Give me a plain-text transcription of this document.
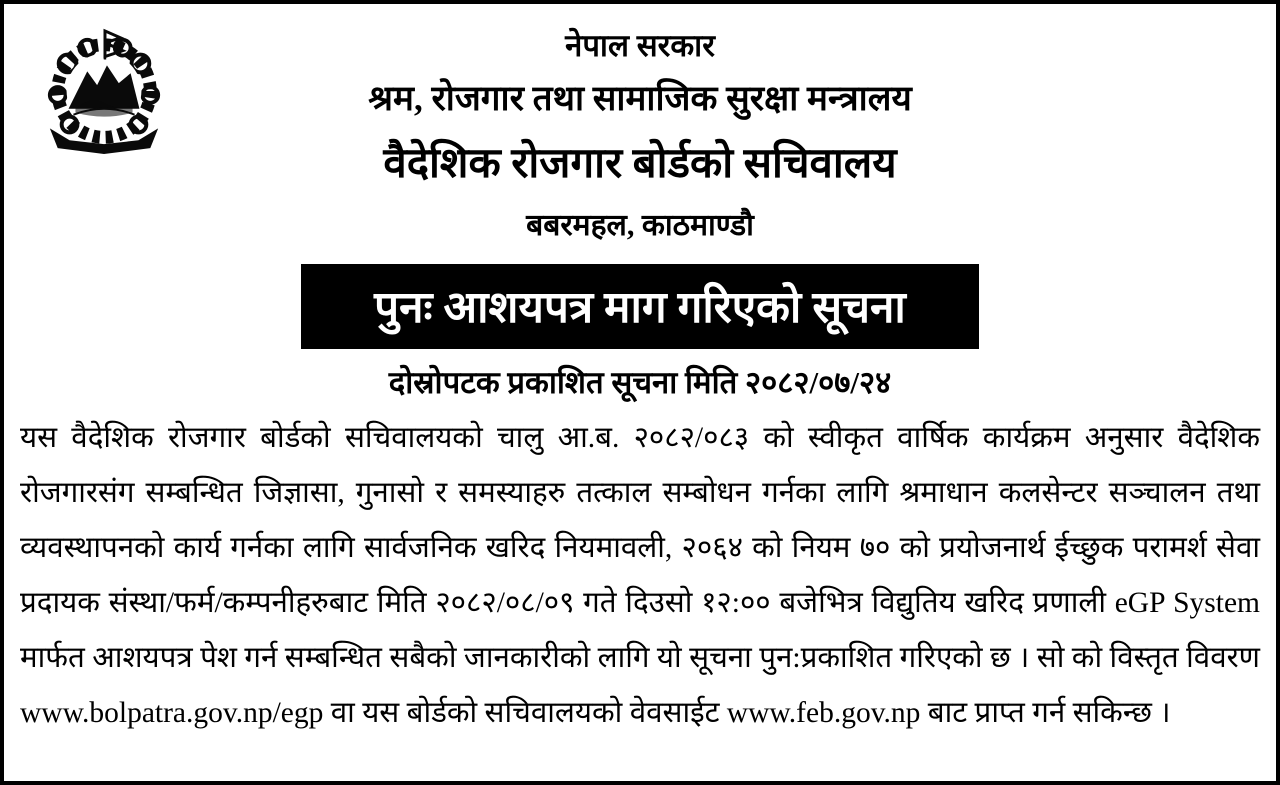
नेपाल सरकार
श्रम, रोजगार तथा सामाजिक सुरक्षा मन्त्रालय
वैदेशिक रोजगार बोर्डको सचिवालय
बबरमहल, काठमाण्डौ
पुनः आशयपत्र माग गरिएको सूचना
दोस्रोपटक प्रकाशित सूचना मिति २०८२/०७/२४

यस वैदेशिक रोजगार बोर्डको सचिवालयको चालु आ.ब. २०८२/०८३ को स्वीकृत वार्षिक कार्यक्रम अनुसार वैदेशिक रोजगारसंग सम्बन्धित जिज्ञासा, गुनासो र समस्याहरु तत्काल सम्बोधन गर्नका लागि श्रमाधान कलसेन्टर सञ्चालन तथा व्यवस्थापनको कार्य गर्नका लागि सार्वजनिक खरिद नियमावली, २०६४ को नियम ७० को प्रयोजनार्थ ईच्छुक परामर्श सेवा प्रदायक संस्था/फर्म/कम्पनीहरुबाट मिति २०८२/०८/०९ गते दिउसो १२:०० बजेभित्र विद्युतिय खरिद प्रणाली eGP System मार्फत आशयपत्र पेश गर्न सम्बन्धित सबैको जानकारीको लागि यो सूचना पुन:प्रकाशित गरिएको छ । सो को विस्तृत विवरण www.bolpatra.gov.np/egp वा यस बोर्डको सचिवालयको वेवसाईट www.feb.gov.np बाट प्राप्त गर्न सकिन्छ ।
